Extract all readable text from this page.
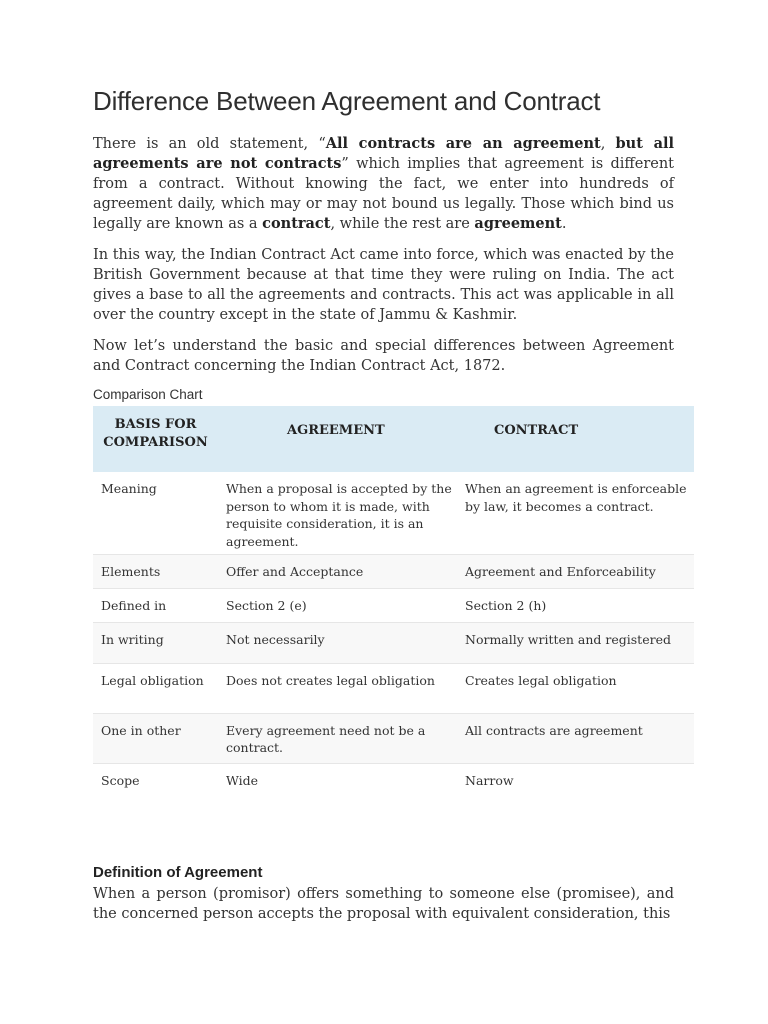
Difference Between Agreement and Contract

There is an old statement, “All contracts are an agreement, but all agreements are not contracts” which implies that agreement is different from a contract. Without knowing the fact, we enter into hundreds of agreement daily, which may or may not bound us legally. Those which bind us legally are known as a contract, while the rest are agreement.

In this way, the Indian Contract Act came into force, which was enacted by the British Government because at that time they were ruling on India. The act gives a base to all the agreements and contracts. This act was applicable in all over the country except in the state of Jammu & Kashmir.

Now let’s understand the basic and special differences between Agreement and Contract concerning the Indian Contract Act, 1872.

Comparison Chart
BASIS FOR
COMPARISON	AGREEMENT	CONTRACT
Meaning	When a proposal is accepted by the person to whom it is made, with requisite consideration, it is an agreement.	When an agreement is enforceable by law, it becomes a contract.
Elements	Offer and Acceptance	Agreement and Enforceability
Defined in	Section 2 (e)	Section 2 (h)
In writing	Not necessarily	Normally written and registered
Legal obligation	Does not creates legal obligation	Creates legal obligation
One in other	Every agreement need not be a contract.	All contracts are agreement
Scope	Wide	Narrow
Definition of Agreement

When a person (promisor) offers something to someone else (promisee), and the concerned person accepts the proposal with equivalent consideration, this
